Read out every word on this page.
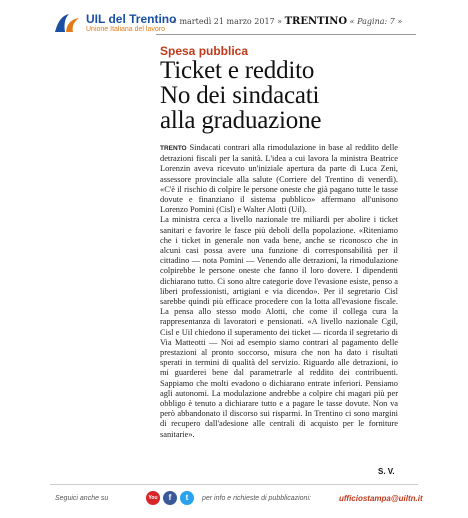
UIL del Trentino
Unione Italiana del lavoro
« martedì 21 marzo 2017 » TRENTINO « Pagina: 7 »
Spesa pubblica
Ticket e reddito
No dei sindacati
alla graduazione

TRENTO Sindacati contrari alla rimodulazione in base al reddito delle detrazioni fiscali per la sanità. L'idea a cui lavora la ministra Beatrice Lorenzin aveva ricevuto un'iniziale apertura da parte di Luca Zeni, assessore provinciale alla salute (Corriere del Trentino di venerdì). «C'è il rischio di colpire le persone oneste che già pagano tutte le tasse dovute e finanziano il sistema pubblico» affermano all'unisono Lorenzo Pomini (Cisl) e Walter Alotti (Uil).

La ministra cerca a livello nazionale tre miliardi per abolire i ticket sanitari e favorire le fasce più deboli della popolazione. «Riteniamo che i ticket in generale non vada bene, anche se riconosco che in alcuni casi possa avere una funzione di corresponsabilità per il cittadino — nota Pomini — Venendo alle detrazioni, la rimodulazione colpirebbe le persone oneste che fanno il loro dovere. I dipendenti dichiarano tutto. Ci sono altre categorie dove l'evasione esiste, penso a liberi professionisti, artigiani e via dicendo». Per il segretario Cisl sarebbe quindi più efficace procedere con la lotta all'evasione fiscale. La pensa allo stesso modo Alotti, che come il collega cura la rappresentanza di lavoratori e pensionati. «A livello nazionale Cgil, Cisl e Uil chiedono il superamento dei ticket — ricorda il segretario di Via Matteotti — Noi ad esempio siamo contrari al pagamento delle prestazioni al pronto soccorso, misura che non ha dato i risultati sperati in termini di qualità del servizio. Riguardo alle detrazioni, io mi guarderei bene dal parametrarle al reddito dei contribuenti. Sappiamo che molti evadono o dichiarano entrate inferiori. Pensiamo agli autonomi. La modulazione andrebbe a colpire chi magari più per obbligo è tenuto a dichiarare tutto e a pagare le tasse dovute. Non va però abbandonato il discorso sui risparmi. In Trentino ci sono margini di recupero dall'adesione alle centrali di acquisto per le forniture sanitarie».

S. V.
Seguici anche su	You	f	t	per info e richieste di pubblicazioni:	ufficiostampa@uiltn.it
